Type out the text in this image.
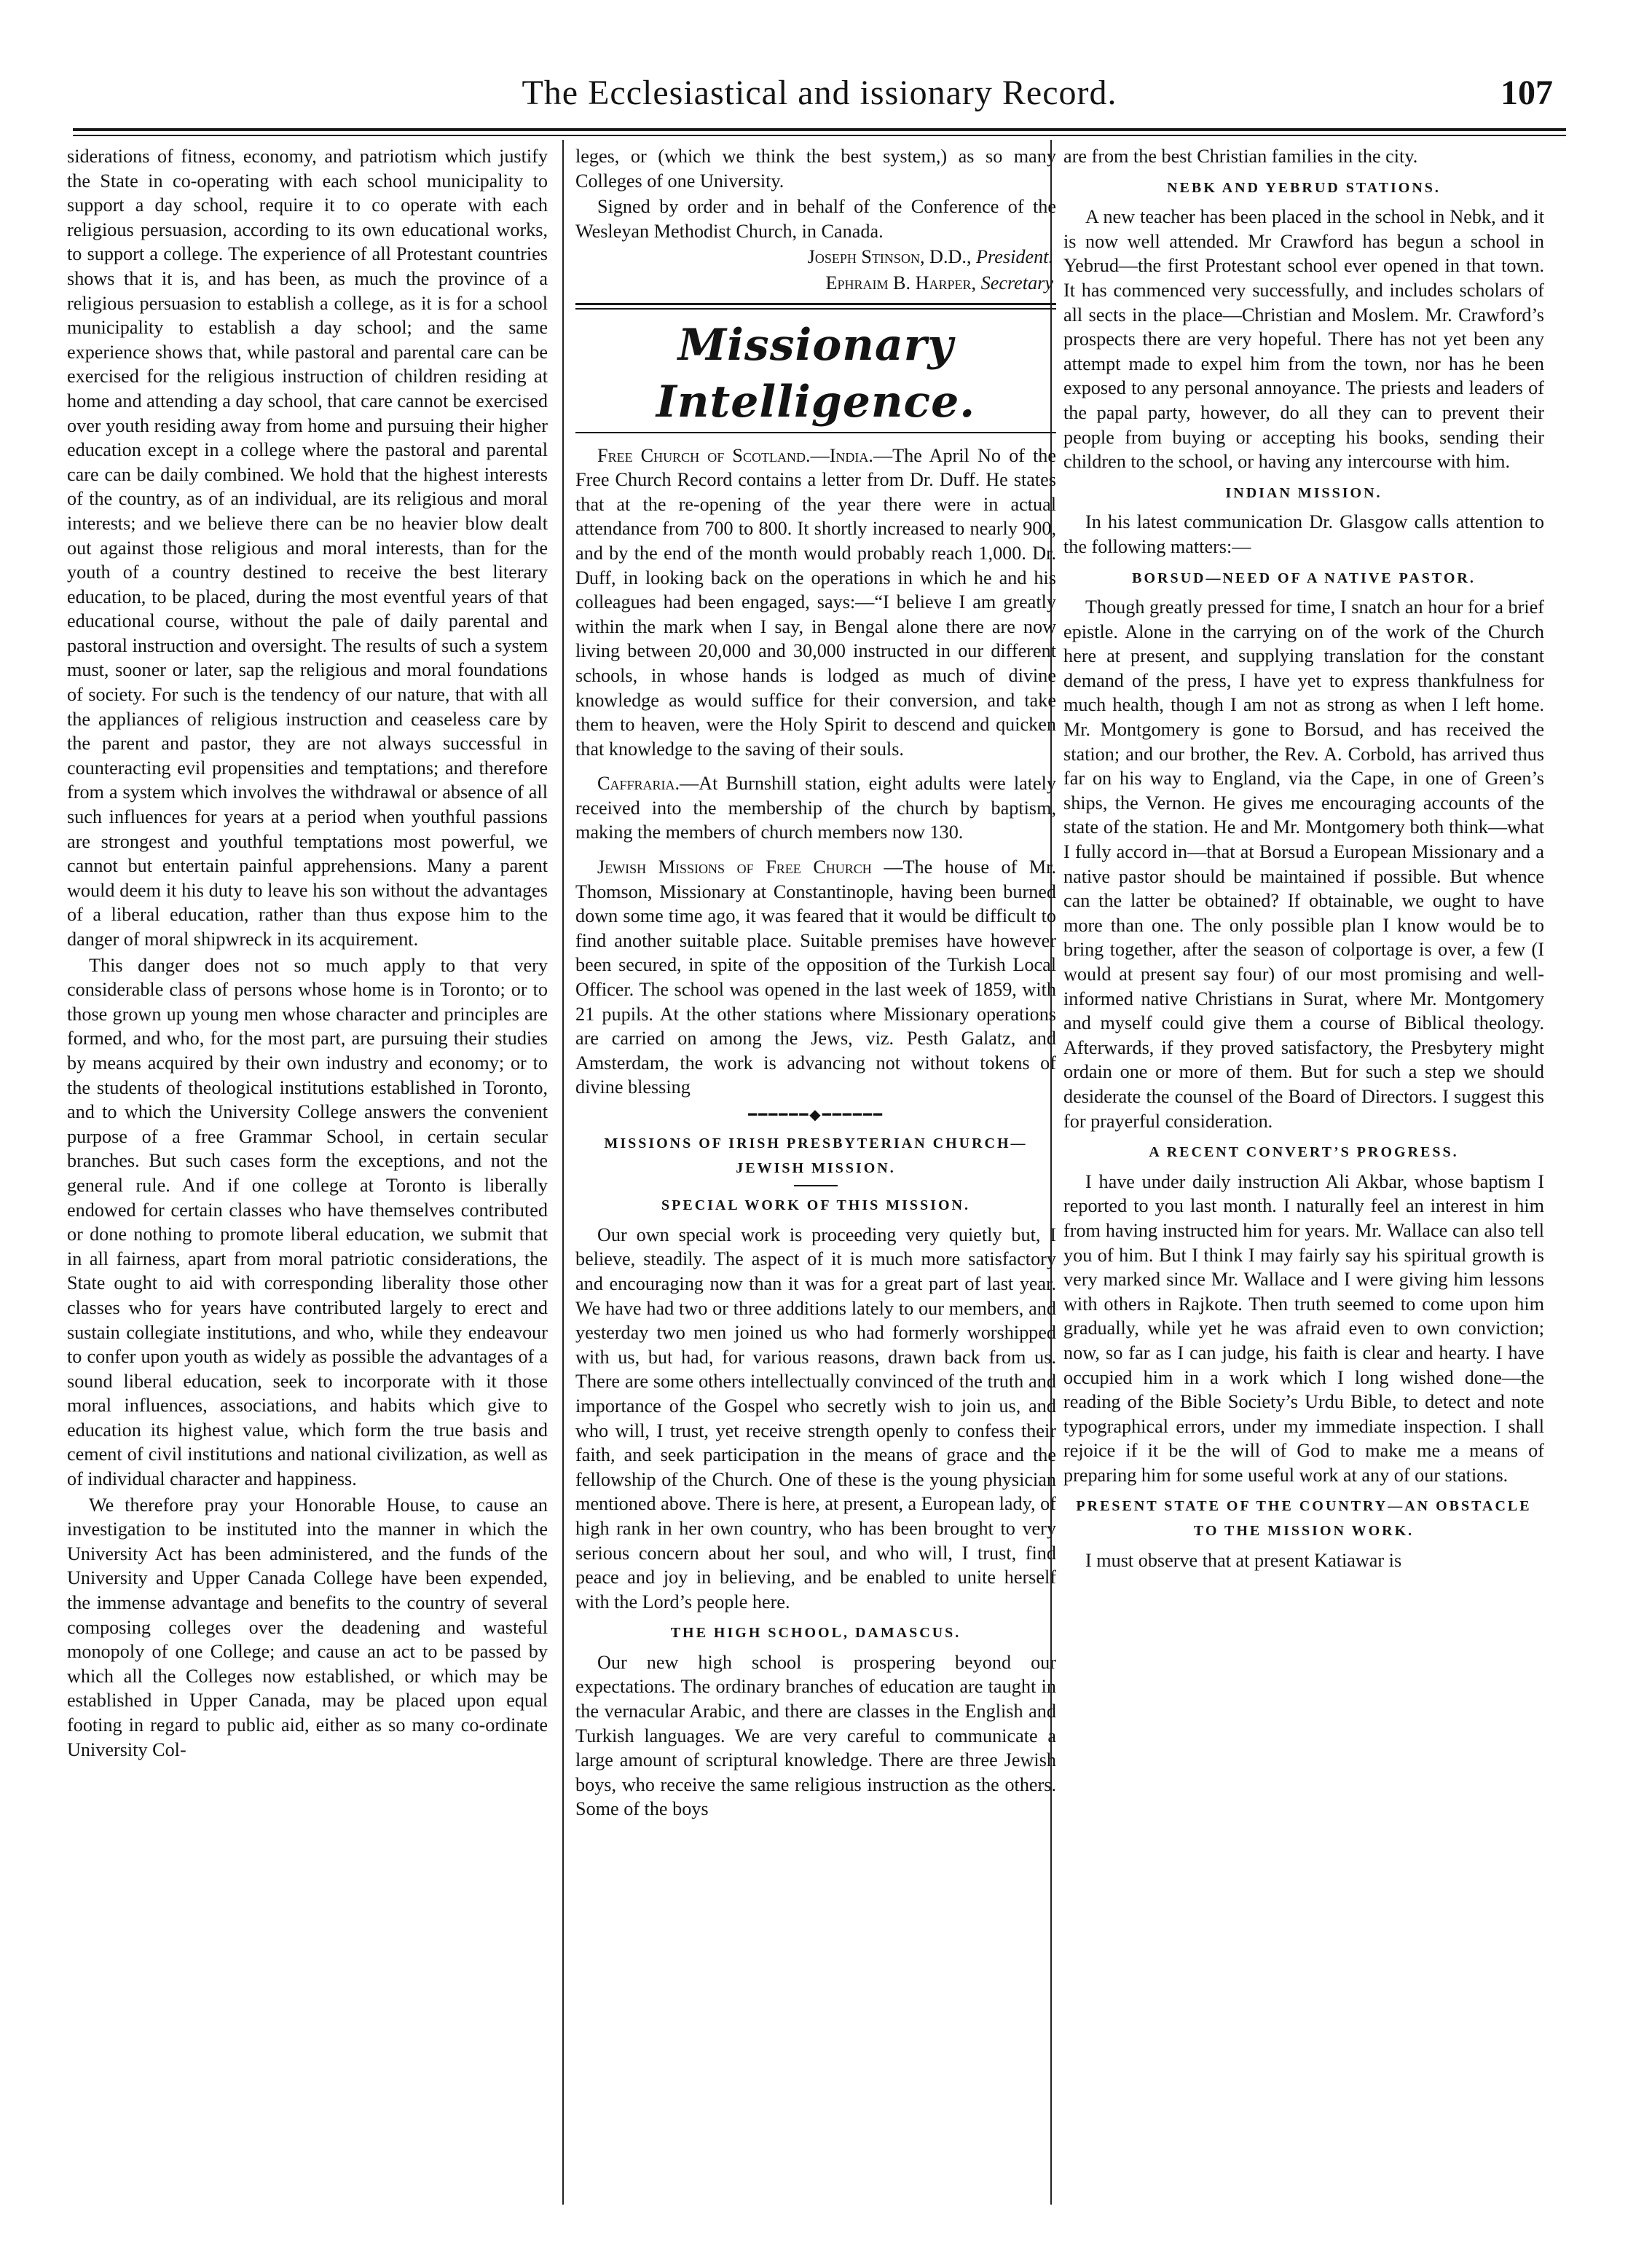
The Ecclesiastical and issionary Record.	107

siderations of fitness, economy, and patriotism which justify the State in co-operating with each school municipality to support a day school, require it to co operate with each religious persuasion, according to its own educational works, to support a college. The experience of all Protestant countries shows that it is, and has been, as much the province of a religious persuasion to establish a college, as it is for a school municipality to establish a day school; and the same experience shows that, while pastoral and parental care can be exercised for the religious instruction of children residing at home and attending a day school, that care cannot be exercised over youth residing away from home and pursuing their higher education except in a college where the pastoral and parental care can be daily combined. We hold that the highest interests of the country, as of an individual, are its religious and moral interests; and we believe there can be no heavier blow dealt out against those religious and moral interests, than for the youth of a country destined to receive the best literary education, to be placed, during the most eventful years of that educational course, without the pale of daily parental and pastoral instruction and oversight. The results of such a system must, sooner or later, sap the religious and moral foundations of society. For such is the tendency of our nature, that with all the appliances of religious instruction and ceaseless care by the parent and pastor, they are not always successful in counteracting evil propensities and temptations; and therefore from a system which involves the withdrawal or absence of all such influences for years at a period when youthful passions are strongest and youthful temptations most powerful, we cannot but entertain painful apprehensions. Many a parent would deem it his duty to leave his son without the advantages of a liberal education, rather than thus expose him to the danger of moral shipwreck in its acquirement.

This danger does not so much apply to that very considerable class of persons whose home is in Toronto; or to those grown up young men whose character and principles are formed, and who, for the most part, are pursuing their studies by means acquired by their own industry and economy; or to the students of theological institutions established in Toronto, and to which the University College answers the convenient purpose of a free Grammar School, in certain secular branches. But such cases form the exceptions, and not the general rule. And if one college at Toronto is liberally endowed for certain classes who have themselves contributed or done nothing to promote liberal education, we submit that in all fairness, apart from moral patriotic considerations, the State ought to aid with corresponding liberality those other classes who for years have contributed largely to erect and sustain collegiate institutions, and who, while they endeavour to confer upon youth as widely as possible the advantages of a sound liberal education, seek to incorporate with it those moral influences, associations, and habits which give to education its highest value, which form the true basis and cement of civil institutions and national civilization, as well as of individual character and happiness.

We therefore pray your Honorable House, to cause an investigation to be instituted into the manner in which the University Act has been administered, and the funds of the University and Upper Canada College have been expended, the immense advantage and benefits to the country of several composing colleges over the deadening and wasteful monopoly of one College; and cause an act to be passed by which all the Colleges now established, or which may be established in Upper Canada, may be placed upon equal footing in regard to public aid, either as so many co-ordinate University Col-

leges, or (which we think the best system,) as so many Colleges of one University.

Signed by order and in behalf of the Conference of the Wesleyan Methodist Church, in Canada.

Joseph Stinson, D.D., President.

Ephraim B. Harper, Secretary

Missionary Intelligence.

Free Church of Scotland.—India.—The April No of the Free Church Record contains a letter from Dr. Duff. He states that at the re-opening of the year there were in actual attendance from 700 to 800. It shortly increased to nearly 900, and by the end of the month would probably reach 1,000. Dr. Duff, in looking back on the operations in which he and his colleagues had been engaged, says:—“I believe I am greatly within the mark when I say, in Bengal alone there are now living between 20,000 and 30,000 instructed in our different schools, in whose hands is lodged as much of divine knowledge as would suffice for their conversion, and take them to heaven, were the Holy Spirit to descend and quicken that knowledge to the saving of their souls.

Caffraria.—At Burnshill station, eight adults were lately received into the membership of the church by baptism, making the members of church members now 130.

Jewish Missions of Free Church —The house of Mr. Thomson, Missionary at Constantinople, having been burned down some time ago, it was feared that it would be difficult to find another suitable place. Suitable premises have however been secured, in spite of the opposition of the Turkish Local Officer. The school was opened in the last week of 1859, with 21 pupils. At the other stations where Missionary operations are carried on among the Jews, viz. Pesth Galatz, and Amsterdam, the work is advancing not without tokens of divine blessing

━━━━━━◆━━━━━━
MISSIONS OF IRISH PRESBYTERIAN CHURCH—JEWISH MISSION.
SPECIAL WORK OF THIS MISSION.

Our own special work is proceeding very quietly but, I believe, steadily. The aspect of it is much more satisfactory and encouraging now than it was for a great part of last year. We have had two or three additions lately to our members, and yesterday two men joined us who had formerly worshipped with us, but had, for various reasons, drawn back from us. There are some others intellectually convinced of the truth and importance of the Gospel who secretly wish to join us, and who will, I trust, yet receive strength openly to confess their faith, and seek participation in the means of grace and the fellowship of the Church. One of these is the young physician mentioned above. There is here, at present, a European lady, of high rank in her own country, who has been brought to very serious concern about her soul, and who will, I trust, find peace and joy in believing, and be enabled to unite herself with the Lord’s people here.

THE HIGH SCHOOL, DAMASCUS.

Our new high school is prospering beyond our expectations. The ordinary branches of education are taught in the vernacular Arabic, and there are classes in the English and Turkish languages. We are very careful to communicate a large amount of scriptural knowledge. There are three Jewish boys, who receive the same religious instruction as the others. Some of the boys

are from the best Christian families in the city.

NEBK AND YEBRUD STATIONS.

A new teacher has been placed in the school in Nebk, and it is now well attended. Mr Crawford has begun a school in Yebrud—the first Protestant school ever opened in that town. It has commenced very successfully, and includes scholars of all sects in the place—Christian and Moslem. Mr. Crawford’s prospects there are very hopeful. There has not yet been any attempt made to expel him from the town, nor has he been exposed to any personal annoyance. The priests and leaders of the papal party, however, do all they can to prevent their people from buying or accepting his books, sending their children to the school, or having any intercourse with him.

INDIAN MISSION.

In his latest communication Dr. Glasgow calls attention to the following matters:—

BORSUD—NEED OF A NATIVE PASTOR.

Though greatly pressed for time, I snatch an hour for a brief epistle. Alone in the carrying on of the work of the Church here at present, and supplying translation for the constant demand of the press, I have yet to express thankfulness for much health, though I am not as strong as when I left home. Mr. Montgomery is gone to Borsud, and has received the station; and our brother, the Rev. A. Corbold, has arrived thus far on his way to England, via the Cape, in one of Green’s ships, the Vernon. He gives me encouraging accounts of the state of the station. He and Mr. Montgomery both think—what I fully accord in—that at Borsud a European Missionary and a native pastor should be maintained if possible. But whence can the latter be obtained? If obtainable, we ought to have more than one. The only possible plan I know would be to bring together, after the season of colportage is over, a few (I would at present say four) of our most promising and well-informed native Christians in Surat, where Mr. Montgomery and myself could give them a course of Biblical theology. Afterwards, if they proved satisfactory, the Presbytery might ordain one or more of them. But for such a step we should desiderate the counsel of the Board of Directors. I suggest this for prayerful consideration.

A RECENT CONVERT’S PROGRESS.

I have under daily instruction Ali Akbar, whose baptism I reported to you last month. I naturally feel an interest in him from having instructed him for years. Mr. Wallace can also tell you of him. But I think I may fairly say his spiritual growth is very marked since Mr. Wallace and I were giving him lessons with others in Rajkote. Then truth seemed to come upon him gradually, while yet he was afraid even to own conviction; now, so far as I can judge, his faith is clear and hearty. I have occupied him in a work which I long wished done—the reading of the Bible Society’s Urdu Bible, to detect and note typographical errors, under my immediate inspection. I shall rejoice if it be the will of God to make me a means of preparing him for some useful work at any of our stations.

PRESENT STATE OF THE COUNTRY—AN OBSTACLE TO THE MISSION WORK.

I must observe that at present Katiawar is
